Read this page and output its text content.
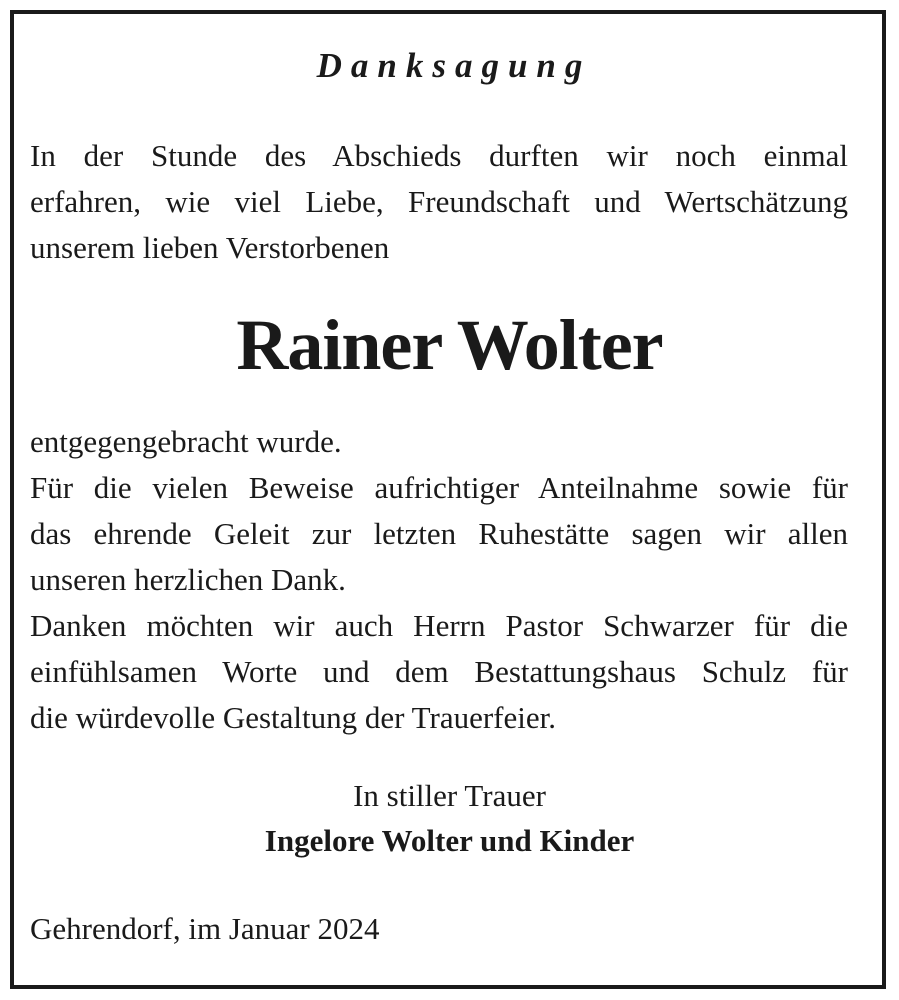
Danksagung
In der Stunde des Abschieds durften wir noch einmal
erfahren, wie viel Liebe, Freundschaft und Wertschätzung
unserem lieben Verstorbenen
Rainer Wolter
entgegengebracht wurde.
Für die vielen Beweise aufrichtiger Anteilnahme sowie für
das ehrende Geleit zur letzten Ruhestätte sagen wir allen
unseren herzlichen Dank.
Danken möchten wir auch Herrn Pastor Schwarzer für die
einfühlsamen Worte und dem Bestattungshaus Schulz für
die würdevolle Gestaltung der Trauerfeier.
In stiller Trauer
Ingelore Wolter und Kinder
Gehrendorf, im Januar 2024
